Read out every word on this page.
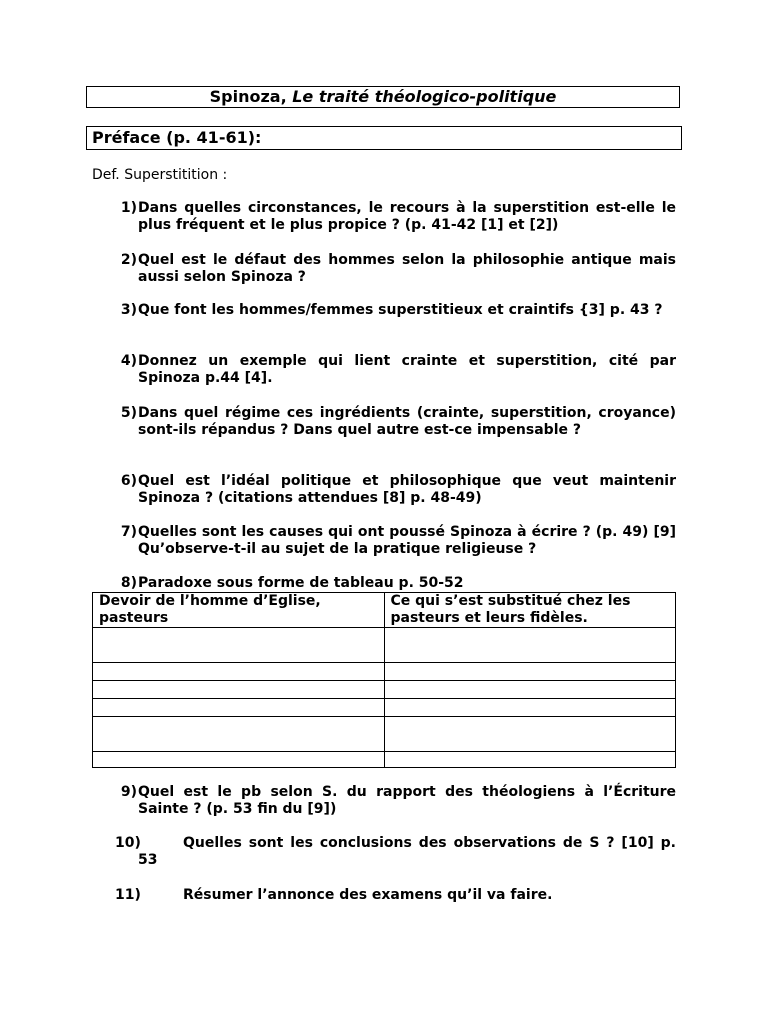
Spinoza, Le traité théologico-politique
Préface (p. 41-61):
Def. Superstitition :
1) Dans quelles circonstances, le recours à la superstition est-elle le plus fréquent et le plus propice ? (p. 41-42 [1] et [2])
2) Quel est le défaut des hommes selon la philosophie antique mais aussi selon Spinoza ?
3) Que font les hommes/femmes superstitieux et craintifs {3] p. 43 ?
4) Donnez un exemple qui lient crainte et superstition, cité par Spinoza p.44 [4].
5) Dans quel régime ces ingrédients (crainte, superstition, croyance) sont-ils répandus ? Dans quel autre est-ce impensable ?
6) Quel est l’idéal politique et philosophique que veut maintenir Spinoza ? (citations attendues [8] p. 48-49)
7) Quelles sont les causes qui ont poussé Spinoza à écrire ? (p. 49) [9] Qu’observe-t-il au sujet de la pratique religieuse ?
8) Paradoxe sous forme de tableau p. 50-52
Devoir de l’homme d’Eglise, pasteurs	Ce qui s’est substitué chez les pasteurs et leurs fidèles.

9) Quel est le pb selon S. du rapport des théologiens à l’Écriture Sainte ? (p. 53 fin du [9])
10)	Quelles sont les conclusions des observations de S ? [10] p. 53
11)	Résumer l’annonce des examens qu’il va faire.
